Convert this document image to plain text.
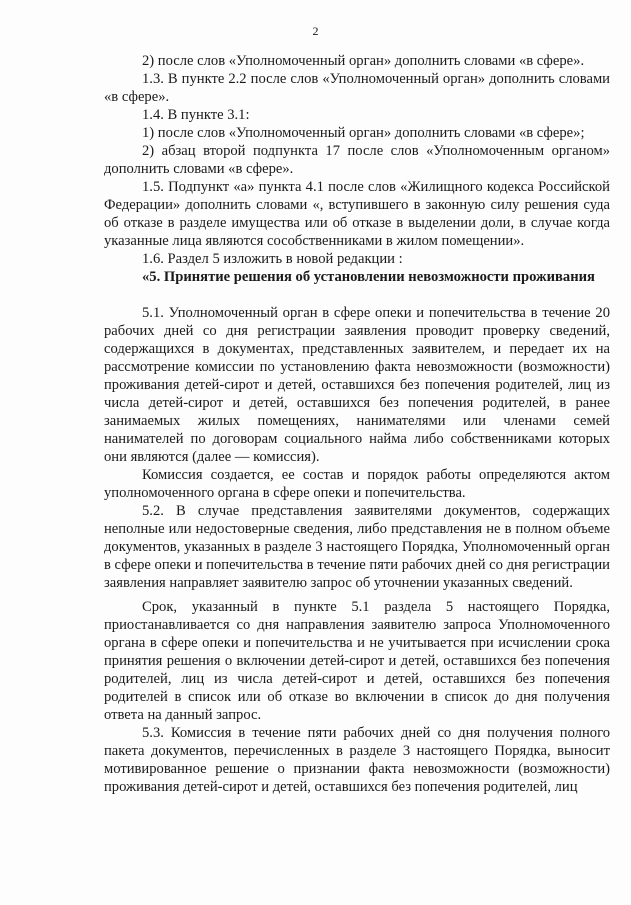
2

2) после слов «Уполномоченный орган» дополнить словами «в сфере».

1.3. В пункте 2.2 после слов «Уполномоченный орган» дополнить словами «в сфере».

1.4. В пункте 3.1:

1) после слов «Уполномоченный орган» дополнить словами «в сфере»;

2) абзац второй подпункта 17 после слов «Уполномоченным органом» дополнить словами «в сфере».

1.5. Подпункт «а» пункта 4.1 после слов «Жилищного кодекса Российской Федерации» дополнить словами «, вступившего в законную силу решения суда об отказе в разделе имущества или об отказе в выделении доли, в случае когда указанные лица являются сособственниками в жилом помещении».

1.6. Раздел 5 изложить в новой редакции :

«5. Принятие решения об установлении невозможности проживания

5.1. Уполномоченный орган в сфере опеки и попечительства в течение 20 рабочих дней со дня регистрации заявления проводит проверку сведений, содержащихся в документах, представленных заявителем, и передает их на рассмотрение комиссии по установлению факта невозможности (возможности) проживания детей-сирот и детей, оставшихся без попечения родителей, лиц из числа детей-сирот и детей, оставшихся без попечения родителей, в ранее занимаемых жилых помещениях, нанимателями или членами семей нанимателей по договорам социального найма либо собственниками которых они являются (далее — комиссия).

Комиссия создается, ее состав и порядок работы определяются актом уполномоченного органа в сфере опеки и попечительства.

5.2. В случае представления заявителями документов, содержащих неполные или недостоверные сведения, либо представления не в полном объеме документов, указанных в разделе 3 настоящего Порядка, Уполномоченный орган в сфере опеки и попечительства в течение пяти рабочих дней со дня регистрации заявления направляет заявителю запрос об уточнении указанных сведений.

Срок, указанный в пункте 5.1 раздела 5 настоящего Порядка, приостанавливается со дня направления заявителю запроса Уполномоченного органа в сфере опеки и попечительства и не учитывается при исчислении срока принятия решения о включении детей-сирот и детей, оставшихся без попечения родителей, лиц из числа детей-сирот и детей, оставшихся без попечения родителей в список или об отказе во включении в список до дня получения ответа на данный запрос.

5.3. Комиссия в течение пяти рабочих дней со дня получения полного пакета документов, перечисленных в разделе 3 настоящего Порядка, выносит мотивированное решение о признании факта невозможности (возможности) проживания детей-сирот и детей, оставшихся без попечения родителей, лиц
